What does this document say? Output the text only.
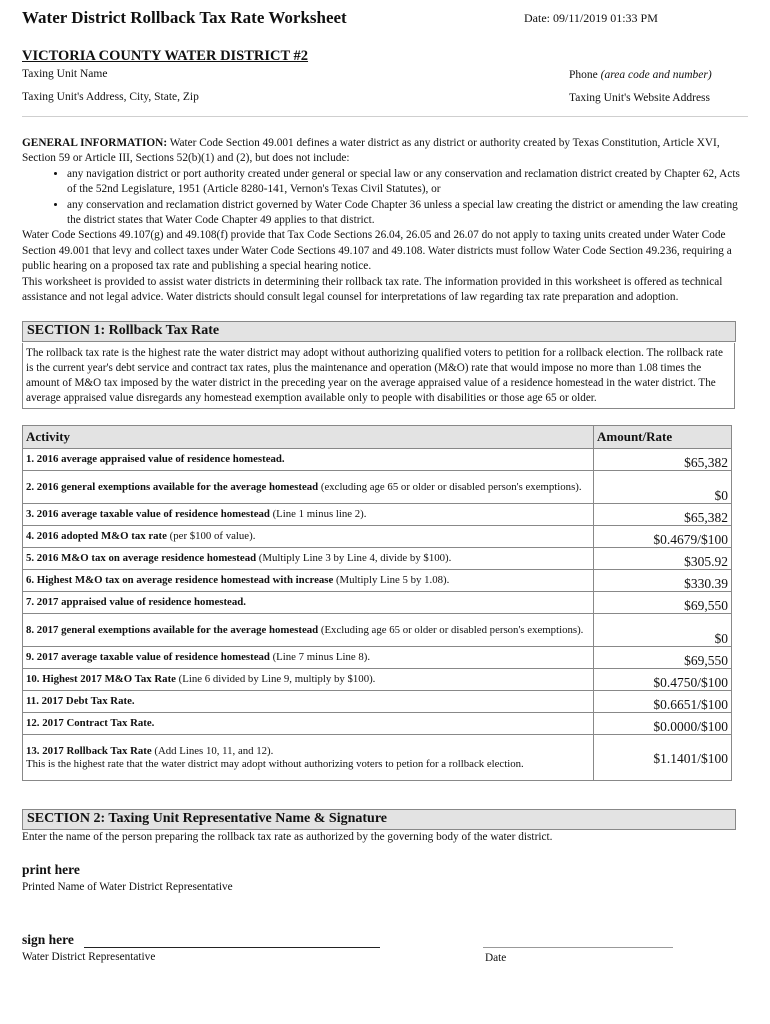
Water District Rollback Tax Rate Worksheet	Date: 09/11/2019 01:33 PM
VICTORIA COUNTY WATER DISTRICT #2
Taxing Unit Name	Phone (area code and number)
Taxing Unit's Address, City, State, Zip	Taxing Unit's Website Address

GENERAL INFORMATION: Water Code Section 49.001 defines a water district as any district or authority created by Texas Constitution, Article XVI, Section 59 or Article III, Sections 52(b)(1) and (2), but does not include:

• any navigation district or port authority created under general or special law or any conservation and reclamation district created by Chapter 62, Acts of the 52nd Legislature, 1951 (Article 8280-141, Vernon's Texas Civil Statutes), or
• any conservation and reclamation district governed by Water Code Chapter 36 unless a special law creating the district or amending the law creating the district states that Water Code Chapter 49 applies to that district.

Water Code Sections 49.107(g) and 49.108(f) provide that Tax Code Sections 26.04, 26.05 and 26.07 do not apply to taxing units created under Water Code Section 49.001 that levy and collect taxes under Water Code Sections 49.107 and 49.108. Water districts must follow Water Code Section 49.236, requiring a public hearing on a proposed tax rate and publishing a special hearing notice.

This worksheet is provided to assist water districts in determining their rollback tax rate. The information provided in this worksheet is offered as technical assistance and not legal advice. Water districts should consult legal counsel for interpretations of law regarding tax rate preparation and adoption.

SECTION 1: Rollback Tax Rate
The rollback tax rate is the highest rate the water district may adopt without authorizing qualified voters to petition for a rollback election. The rollback rate is the current year's debt service and contract tax rates, plus the maintenance and operation (M&O) rate that would impose no more than 1.08 times the amount of M&O tax imposed by the water district in the preceding year on the average appraised value of a residence homestead in the water district. The average appraised value disregards any homestead exemption available only to people with disabilities or those age 65 or older.
Activity	Amount/Rate
1. 2016 average appraised value of residence homestead.	$65,382
2. 2016 general exemptions available for the average homestead (excluding age 65 or older or disabled person's exemptions).	$0
3. 2016 average taxable value of residence homestead (Line 1 minus line 2).	$65,382
4. 2016 adopted M&O tax rate (per $100 of value).	$0.4679/$100
5. 2016 M&O tax on average residence homestead (Multiply Line 3 by Line 4, divide by $100).	$305.92
6. Highest M&O tax on average residence homestead with increase (Multiply Line 5 by 1.08).	$330.39
7. 2017 appraised value of residence homestead.	$69,550
8. 2017 general exemptions available for the average homestead (Excluding age 65 or older or disabled person's exemptions).	$0
9. 2017 average taxable value of residence homestead (Line 7 minus Line 8).	$69,550
10. Highest 2017 M&O Tax Rate (Line 6 divided by Line 9, multiply by $100).	$0.4750/$100
11. 2017 Debt Tax Rate.	$0.6651/$100
12. 2017 Contract Tax Rate.	$0.0000/$100
13. 2017 Rollback Tax Rate (Add Lines 10, 11, and 12).
This is the highest rate that the water district may adopt without authorizing voters to petion for a rollback election.	$1.1401/$100
SECTION 2: Taxing Unit Representative Name & Signature
Enter the name of the person preparing the rollback tax rate as authorized by the governing body of the water district.
print here
Printed Name of Water District Representative
sign here
Water District Representative	Date
